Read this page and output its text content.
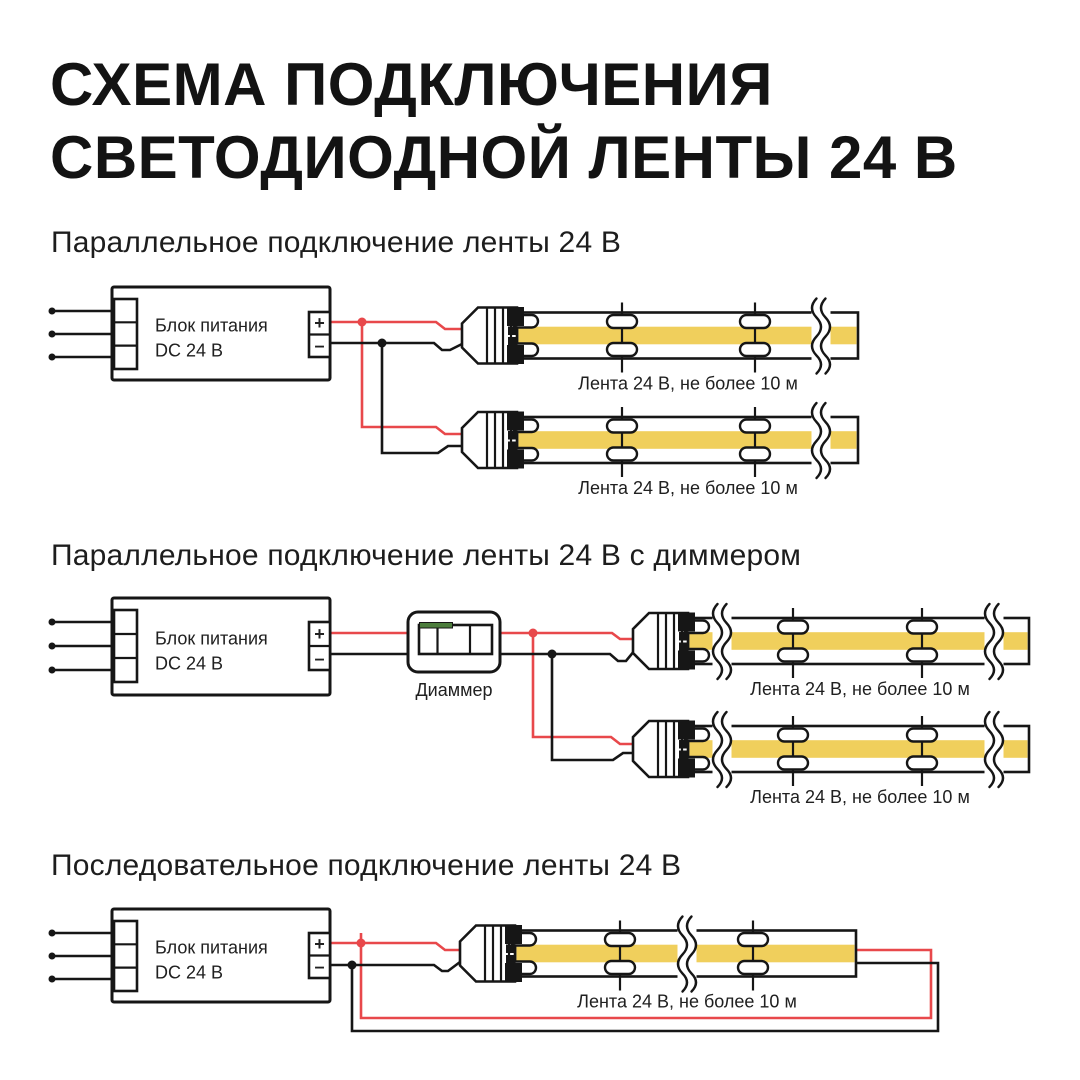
СХЕМА ПОДКЛЮЧЕНИЯ
СВЕТОДИОДНОЙ ЛЕНТЫ 24 В
Параллельное подключение ленты 24 В
Параллельное подключение ленты 24 В с диммером
Последовательное подключение ленты 24 В
+
–
Блок питания
DC 24 В
Лента 24 В, не более 10 м
Лента 24 В, не более 10 м
+
–
Блок питания
DC 24 В
Диаммер	Лента 24 В, не более 10 м
Лента 24 В, не более 10 м
+
–
Блок питания
DC 24 В
Лента 24 В, не более 10 м
